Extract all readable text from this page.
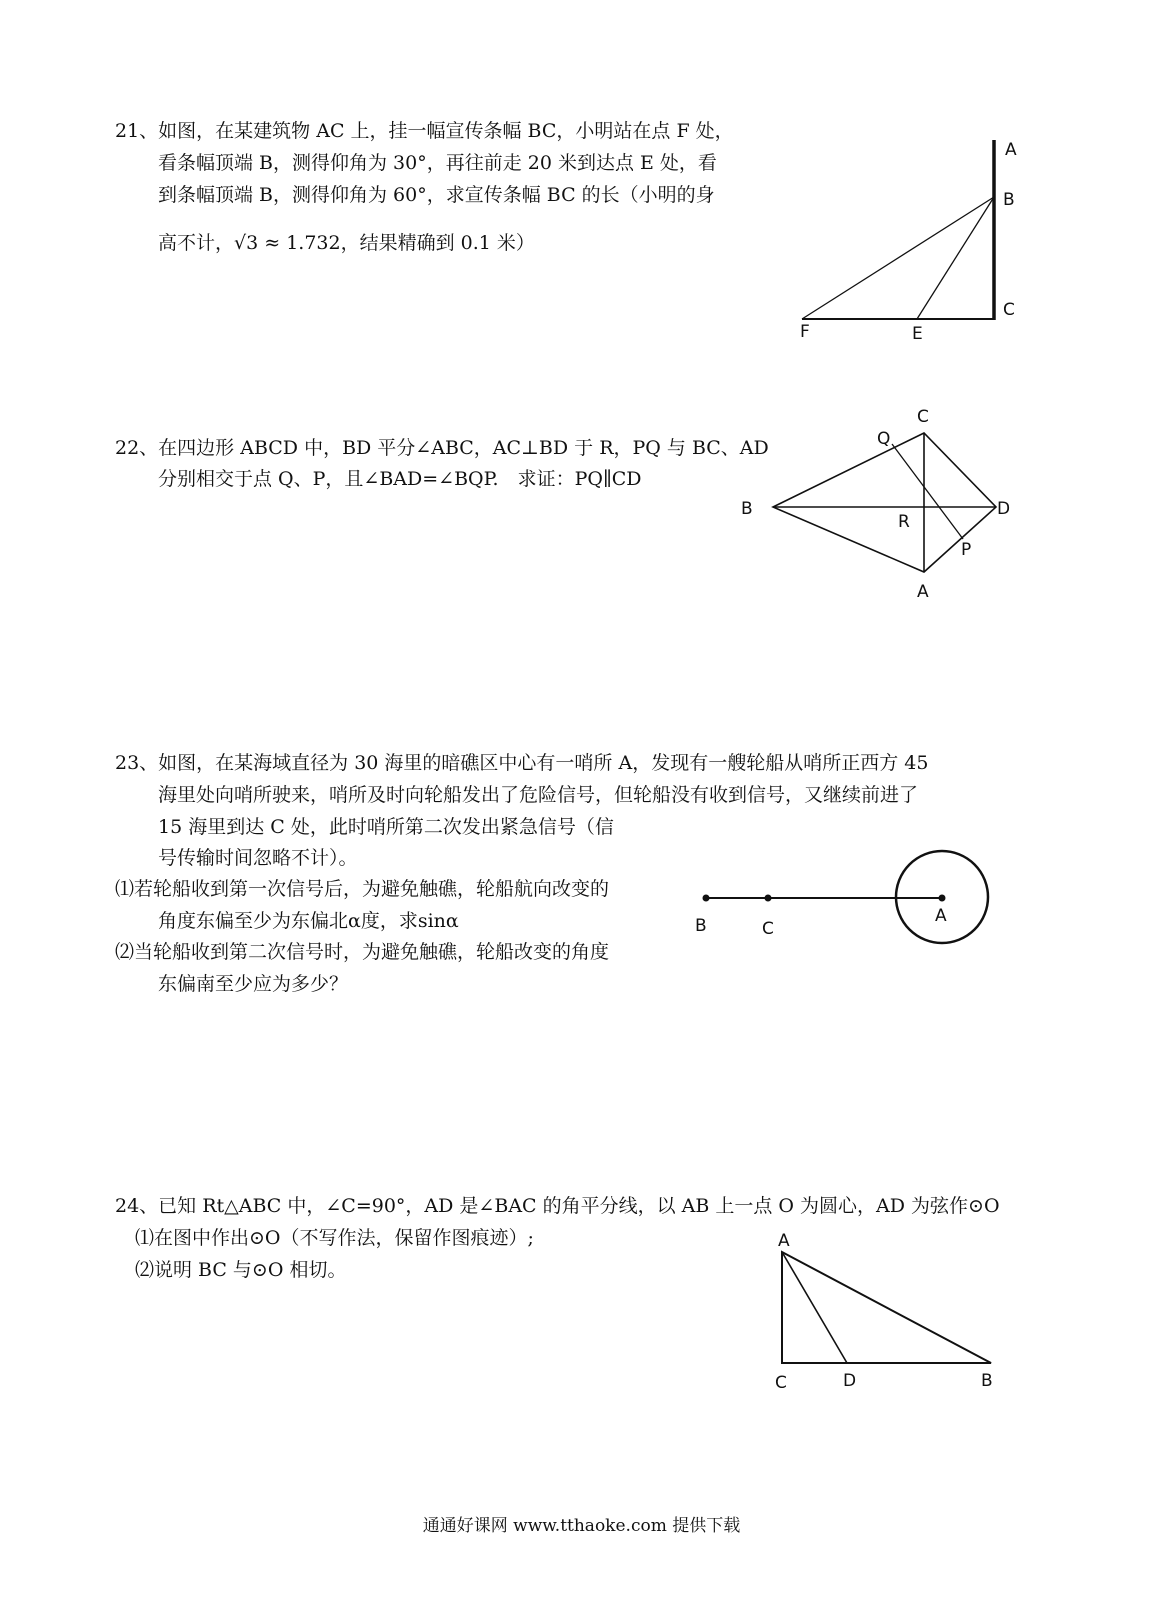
21、如图，在某建筑物 AC 上，挂一幅宣传条幅 BC，小明站在点 F 处，
看条幅顶端 B，测得仰角为 30°，再往前走 20 米到达点 E 处，看
到条幅顶端 B，测得仰角为 60°，求宣传条幅 BC 的长（小明的身
高不计，√3 ≈ 1.732，结果精确到 0.1 米）
A
B
C
F	E
22、在四边形 ABCD 中，BD 平分∠ABC，AC⊥BD 于 R，PQ 与 BC、AD
分别相交于点 Q、P，且∠BAD=∠BQP.　求证：PQ∥CD
C
Q
B
R
D
P
A
23、如图，在某海域直径为 30 海里的暗礁区中心有一哨所 A，发现有一艘轮船从哨所正西方 45
海里处向哨所驶来，哨所及时向轮船发出了危险信号，但轮船没有收到信号，又继续前进了
15 海里到达 C 处，此时哨所第二次发出紧急信号（信
号传输时间忽略不计）。
⑴若轮船收到第一次信号后，为避免触礁，轮船航向改变的
角度东偏至少为东偏北α度，求sinα
⑵当轮船收到第二次信号时，为避免触礁，轮船改变的角度
东偏南至少应为多少？
B	C
A
24、已知 Rt△ABC 中，∠C=90°，AD 是∠BAC 的角平分线，以 AB 上一点 O 为圆心，AD 为弦作⊙O
⑴在图中作出⊙O（不写作法，保留作图痕迹）;
⑵说明 BC 与⊙O 相切。
A
C	D	B
通通好课网 www.tthaoke.com 提供下载
